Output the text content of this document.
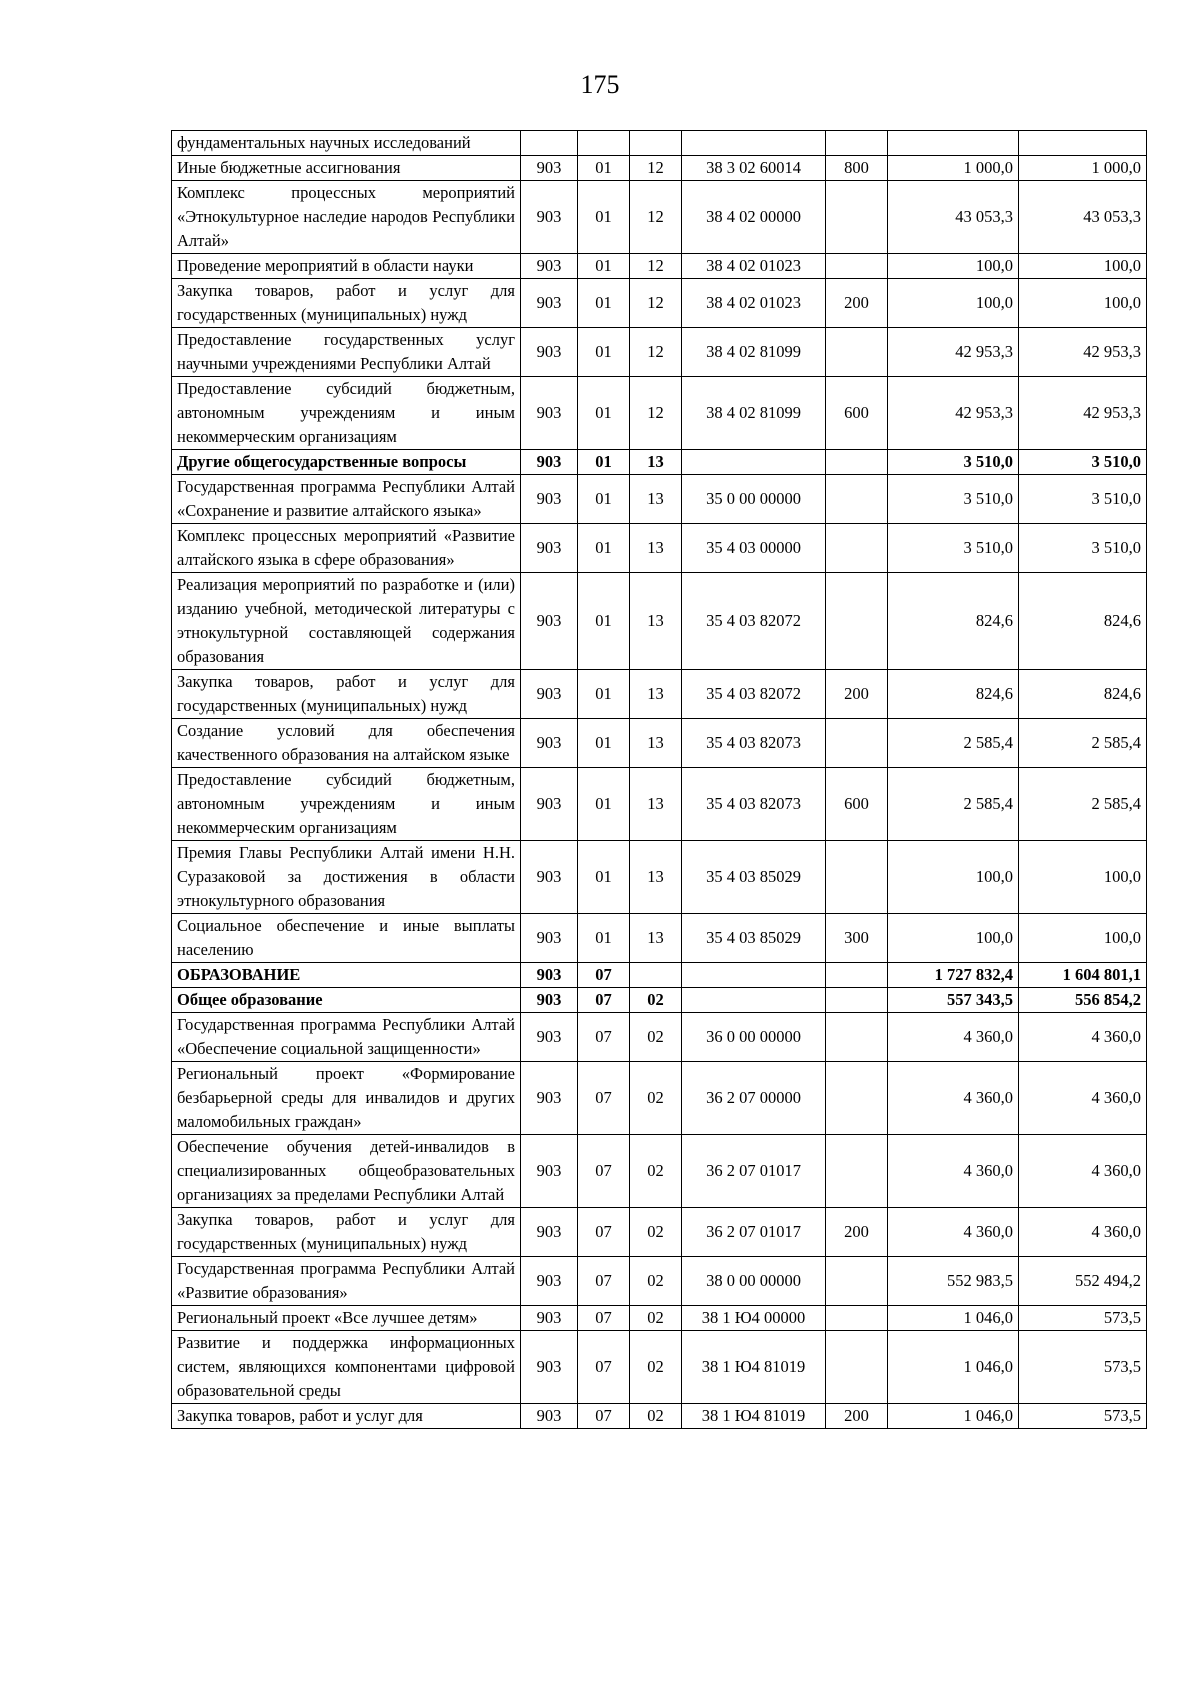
175
фундаментальных научных исследований							
Иные бюджетные ассигнования	903	01	12	38 3 02 60014	800	1 000,0	1 000,0
Комплекс процессных мероприятий «Этнокультурное наследие народов Республики Алтай»	903	01	12	38 4 02 00000		43 053,3	43 053,3
Проведение мероприятий в области науки	903	01	12	38 4 02 01023		100,0	100,0
Закупка товаров, работ и услуг для государственных (муниципальных) нужд	903	01	12	38 4 02 01023	200	100,0	100,0
Предоставление государственных услуг научными учреждениями Республики Алтай	903	01	12	38 4 02 81099		42 953,3	42 953,3
Предоставление субсидий бюджетным, автономным учреждениям и иным некоммерческим организациям	903	01	12	38 4 02 81099	600	42 953,3	42 953,3
Другие общегосударственные вопросы	903	01	13			3 510,0	3 510,0
Государственная программа Республики Алтай «Сохранение и развитие алтайского языка»	903	01	13	35 0 00 00000		3 510,0	3 510,0
Комплекс процессных мероприятий «Развитие алтайского языка в сфере образования»	903	01	13	35 4 03 00000		3 510,0	3 510,0
Реализация мероприятий по разработке и (или) изданию учебной, методической литературы с этнокультурной составляющей содержания образования	903	01	13	35 4 03 82072		824,6	824,6
Закупка товаров, работ и услуг для государственных (муниципальных) нужд	903	01	13	35 4 03 82072	200	824,6	824,6
Создание условий для обеспечения качественного образования на алтайском языке	903	01	13	35 4 03 82073		2 585,4	2 585,4
Предоставление субсидий бюджетным, автономным учреждениям и иным некоммерческим организациям	903	01	13	35 4 03 82073	600	2 585,4	2 585,4
Премия Главы Республики Алтай имени Н.Н. Суразаковой за достижения в области этнокультурного образования	903	01	13	35 4 03 85029		100,0	100,0
Социальное обеспечение и иные выплаты населению	903	01	13	35 4 03 85029	300	100,0	100,0
ОБРАЗОВАНИЕ	903	07				1 727 832,4	1 604 801,1
Общее образование	903	07	02			557 343,5	556 854,2
Государственная программа Республики Алтай «Обеспечение социальной защищенности»	903	07	02	36 0 00 00000		4 360,0	4 360,0
Региональный проект «Формирование безбарьерной среды для инвалидов и других маломобильных граждан»	903	07	02	36 2 07 00000		4 360,0	4 360,0
Обеспечение обучения детей-инвалидов в специализированных общеобразовательных организациях за пределами Республики Алтай	903	07	02	36 2 07 01017		4 360,0	4 360,0
Закупка товаров, работ и услуг для государственных (муниципальных) нужд	903	07	02	36 2 07 01017	200	4 360,0	4 360,0
Государственная программа Республики Алтай «Развитие образования»	903	07	02	38 0 00 00000		552 983,5	552 494,2
Региональный проект «Все лучшее детям»	903	07	02	38 1 Ю4 00000		1 046,0	573,5
Развитие и поддержка информационных систем, являющихся компонентами цифровой образовательной среды	903	07	02	38 1 Ю4 81019		1 046,0	573,5
Закупка товаров, работ и услуг для	903	07	02	38 1 Ю4 81019	200	1 046,0	573,5
